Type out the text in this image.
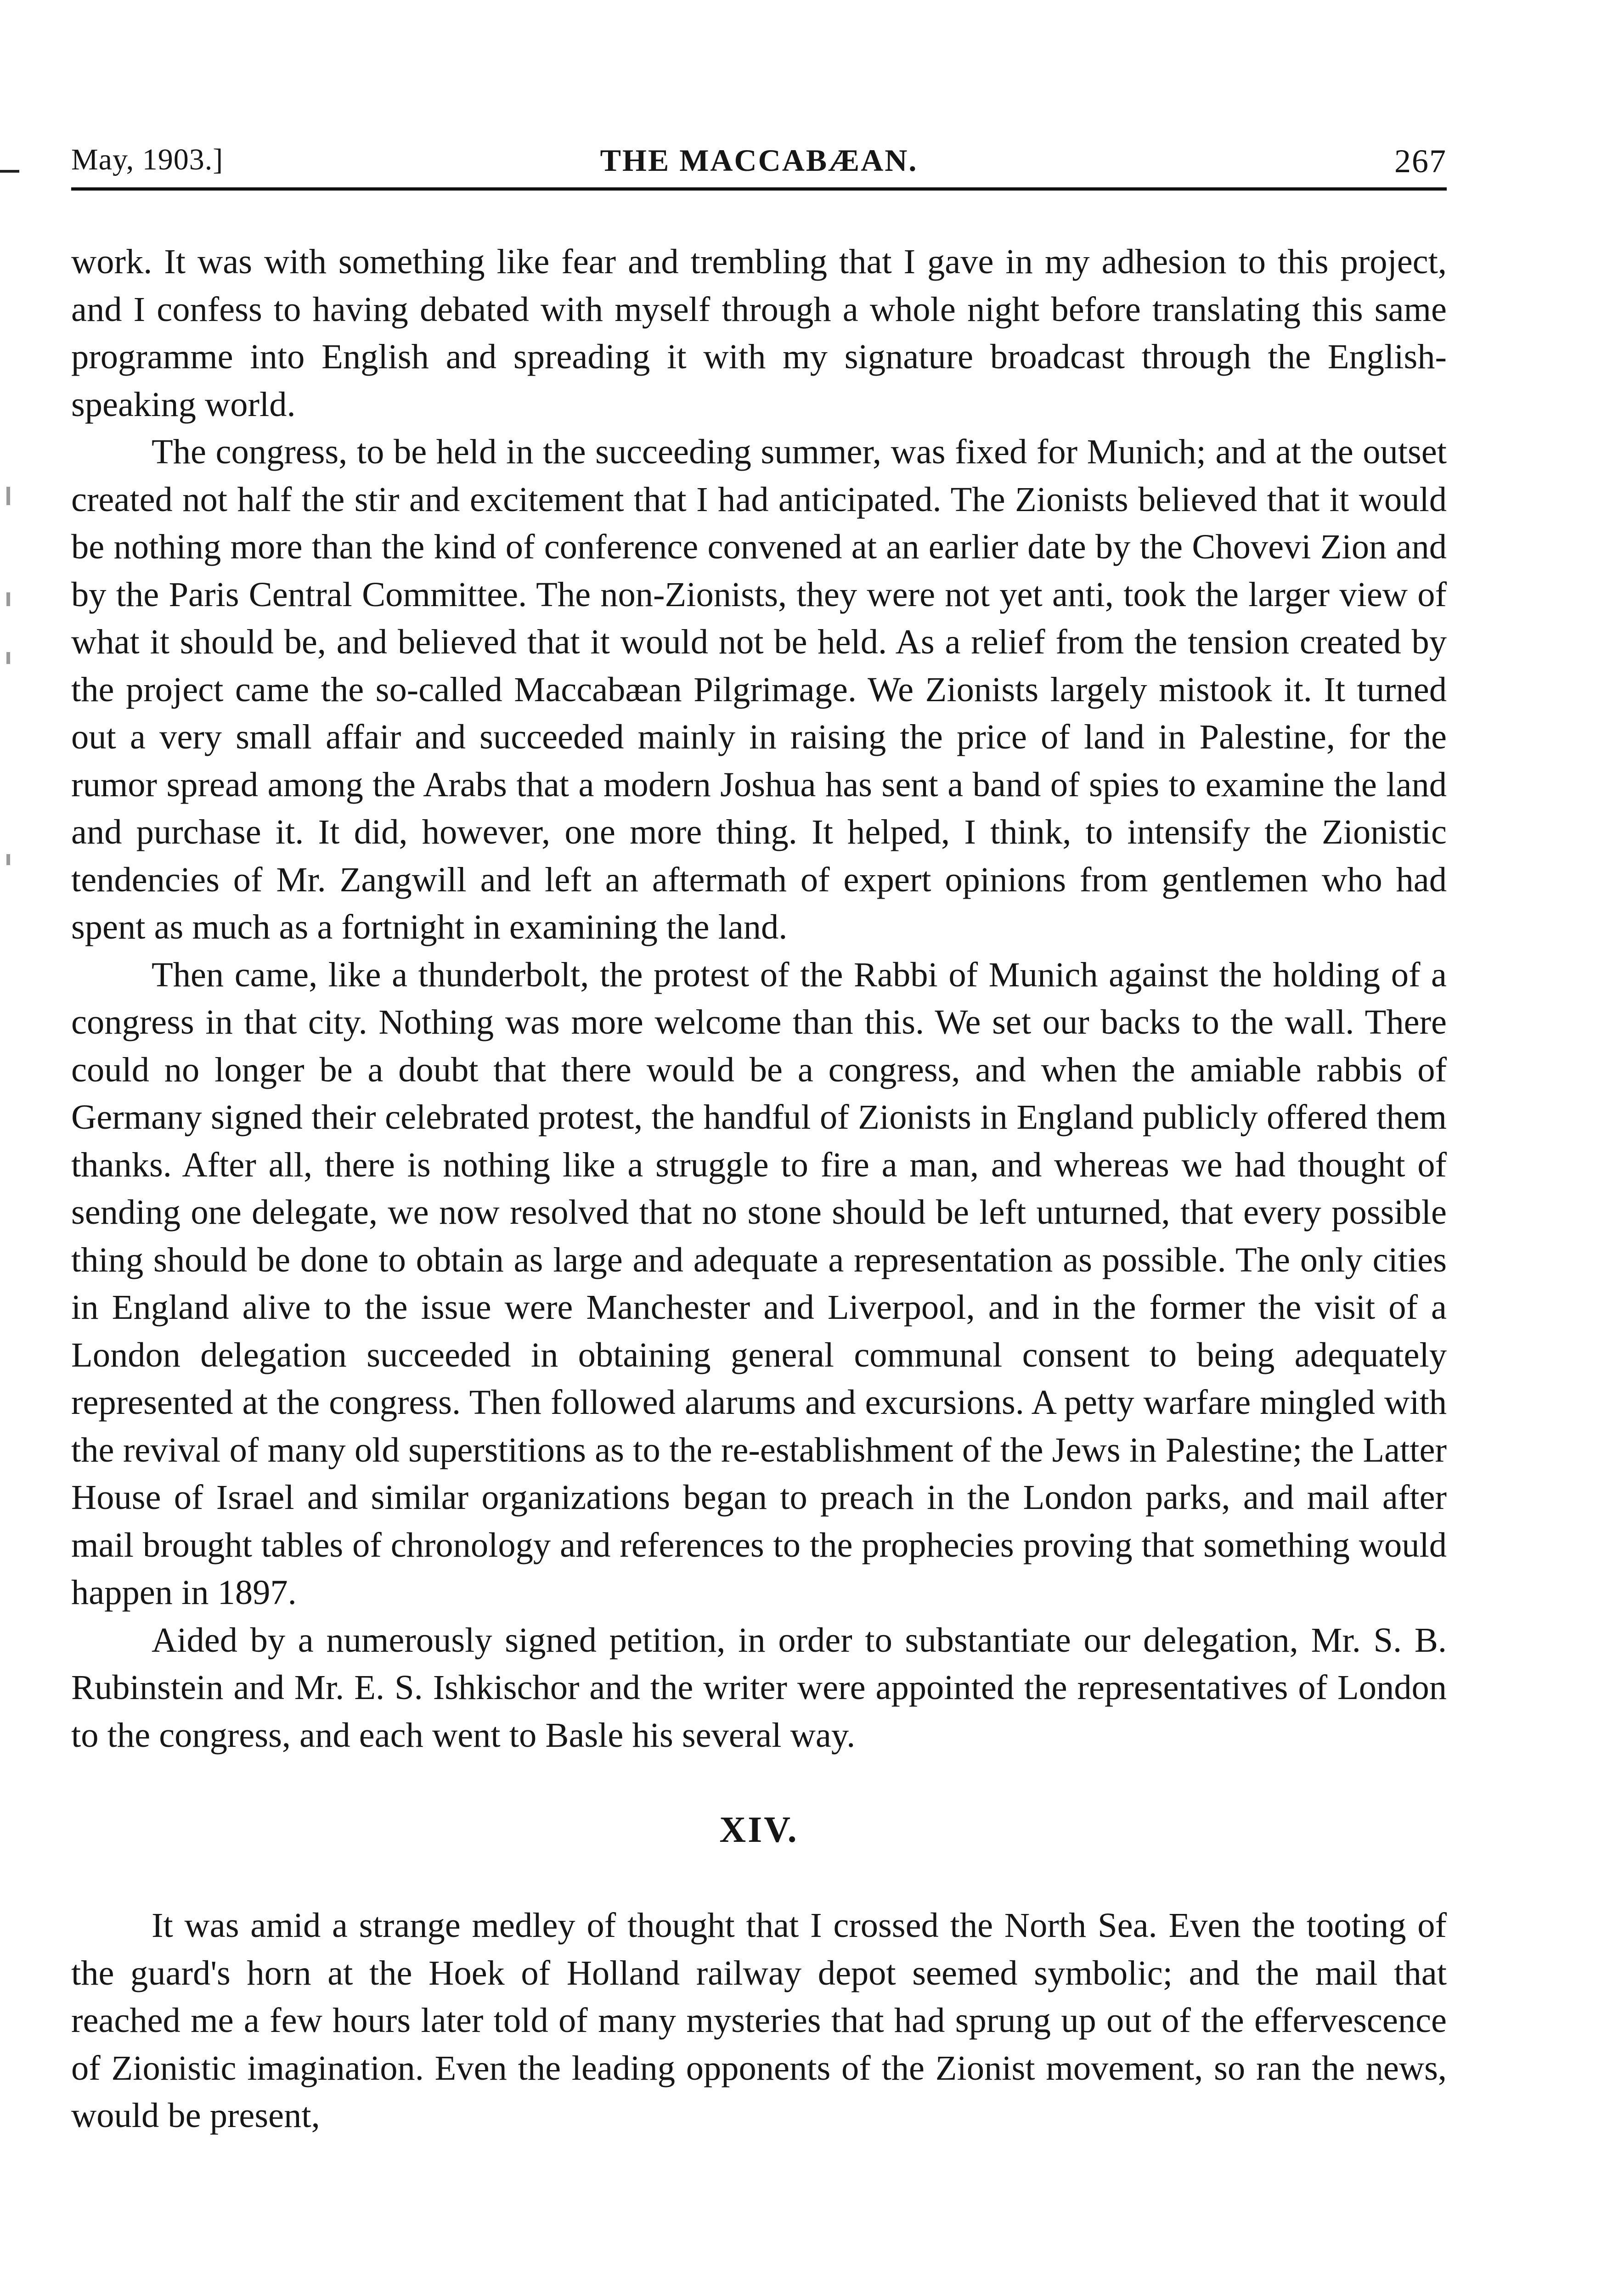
May, 1903.]	THE MACCABÆAN.	267

work. It was with something like fear and trembling that I gave in my adhesion to this project, and I confess to having debated with myself through a whole night before translating this same programme into English and spreading it with my signature broadcast through the English-speaking world.

The congress, to be held in the succeeding summer, was fixed for Munich; and at the outset created not half the stir and excitement that I had anticipated. The Zionists believed that it would be nothing more than the kind of conference convened at an earlier date by the Chovevi Zion and by the Paris Central Committee. The non-Zionists, they were not yet anti, took the larger view of what it should be, and believed that it would not be held. As a relief from the tension created by the project came the so-called Maccabæan Pilgrimage. We Zionists largely mistook it. It turned out a very small affair and succeeded mainly in raising the price of land in Palestine, for the rumor spread among the Arabs that a modern Joshua has sent a band of spies to examine the land and purchase it. It did, however, one more thing. It helped, I think, to intensify the Zionistic tendencies of Mr. Zangwill and left an aftermath of expert opinions from gentlemen who had spent as much as a fortnight in examining the land.

Then came, like a thunderbolt, the protest of the Rabbi of Munich against the holding of a congress in that city. Nothing was more welcome than this. We set our backs to the wall. There could no longer be a doubt that there would be a congress, and when the amiable rabbis of Germany signed their celebrated protest, the handful of Zionists in England publicly offered them thanks. After all, there is nothing like a struggle to fire a man, and whereas we had thought of sending one delegate, we now resolved that no stone should be left unturned, that every possible thing should be done to obtain as large and adequate a representation as possible. The only cities in England alive to the issue were Manchester and Liverpool, and in the former the visit of a London delegation succeeded in obtaining general communal consent to being adequately represented at the congress. Then followed alarums and excursions. A petty warfare mingled with the revival of many old superstitions as to the re-establishment of the Jews in Palestine; the Latter House of Israel and similar organizations began to preach in the London parks, and mail after mail brought tables of chronology and references to the prophecies proving that something would happen in 1897.

Aided by a numerously signed petition, in order to substantiate our delegation, Mr. S. B. Rubinstein and Mr. E. S. Ishkischor and the writer were appointed the representatives of London to the congress, and each went to Basle his several way.

XIV.

It was amid a strange medley of thought that I crossed the North Sea. Even the tooting of the guard's horn at the Hoek of Holland railway depot seemed symbolic; and the mail that reached me a few hours later told of many mysteries that had sprung up out of the effervescence of Zionistic imagination. Even the leading opponents of the Zionist movement, so ran the news, would be present,
